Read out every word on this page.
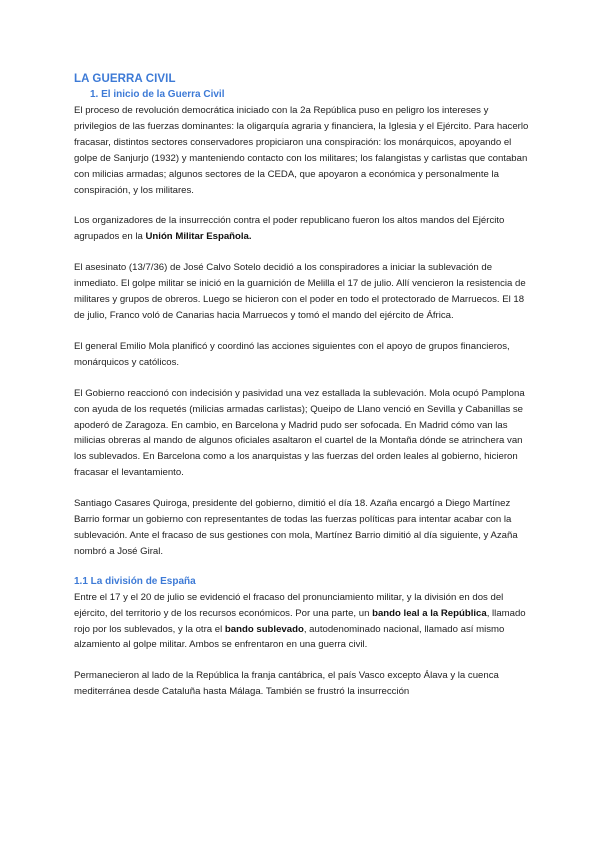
LA GUERRA CIVIL
1. El inicio de la Guerra Civil

El proceso de revolución democrática iniciado con la 2a República puso en peligro los intereses y privilegios de las fuerzas dominantes: la oligarquía agraria y financiera, la Iglesia y el Ejército. Para hacerlo fracasar, distintos sectores conservadores propiciaron una conspiración: los monárquicos, apoyando el golpe de Sanjurjo (1932) y manteniendo contacto con los militares; los falangistas y carlistas que contaban con milicias armadas; algunos sectores de la CEDA, que apoyaron a económica y personalmente la conspiración, y los militares.

Los organizadores de la insurrección contra el poder republicano fueron los altos mandos del Ejército agrupados en la Unión Militar Española.

El asesinato (13/7/36) de José Calvo Sotelo decidió a los conspiradores a iniciar la sublevación de inmediato. El golpe militar se inició en la guarnición de Melilla el 17 de julio. Allí vencieron la resistencia de militares y grupos de obreros. Luego se hicieron con el poder en todo el protectorado de Marruecos. El 18 de julio, Franco voló de Canarias hacia Marruecos y tomó el mando del ejército de África.

El general Emilio Mola planificó y coordinó las acciones siguientes con el apoyo de grupos financieros, monárquicos y católicos.

El Gobierno reaccionó con indecisión y pasividad una vez estallada la sublevación. Mola ocupó Pamplona con ayuda de los requetés (milicias armadas carlistas); Queipo de Llano venció en Sevilla y Cabanillas se apoderó de Zaragoza. En cambio, en Barcelona y Madrid pudo ser sofocada. En Madrid cómo van las milicias obreras al mando de algunos oficiales asaltaron el cuartel de la Montaña dónde se atrinchera van los sublevados. En Barcelona como a los anarquistas y las fuerzas del orden leales al gobierno, hicieron fracasar el levantamiento.

Santiago Casares Quiroga, presidente del gobierno, dimitió el día 18. Azaña encargó a Diego Martínez Barrio formar un gobierno con representantes de todas las fuerzas políticas para intentar acabar con la sublevación. Ante el fracaso de sus gestiones con mola, Martínez Barrio dimitió al día siguiente, y Azaña nombró a José Giral.

1.1 La división de España

Entre el 17 y el 20 de julio se evidenció el fracaso del pronunciamiento militar, y la división en dos del ejército, del territorio y de los recursos económicos. Por una parte, un bando leal a la República, llamado rojo por los sublevados, y la otra el bando sublevado, autodenominado nacional, llamado así mismo alzamiento al golpe militar. Ambos se enfrentaron en una guerra civil.

Permanecieron al lado de la República la franja cantábrica, el país Vasco excepto Álava y la cuenca mediterránea desde Cataluña hasta Málaga. También se frustró la insurrección
